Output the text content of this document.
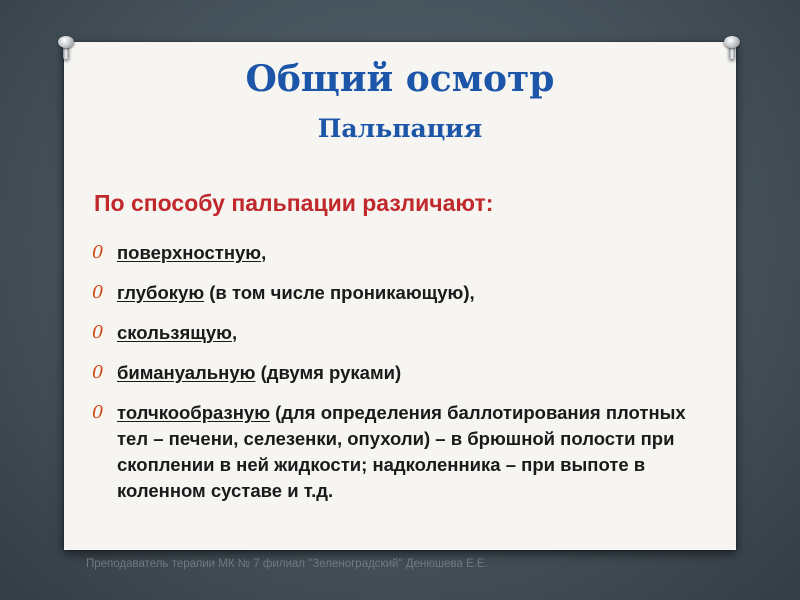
Общий осмотр
Пальпация

По способу пальпации различают:

0 поверхностную,
0 глубокую (в том числе проникающую),
0 скользящую,
0 бимануальную (двумя руками)
0 толчкообразную (для определения баллотирования плотных тел – печени, селезенки, опухоли) – в брюшной полости при скоплении в ней жидкости; надколенника – при выпоте в коленном суставе и т.д.
Преподаватель терапии МК № 7 филиал "Зеленоградский" Денюшева Е.Е.
